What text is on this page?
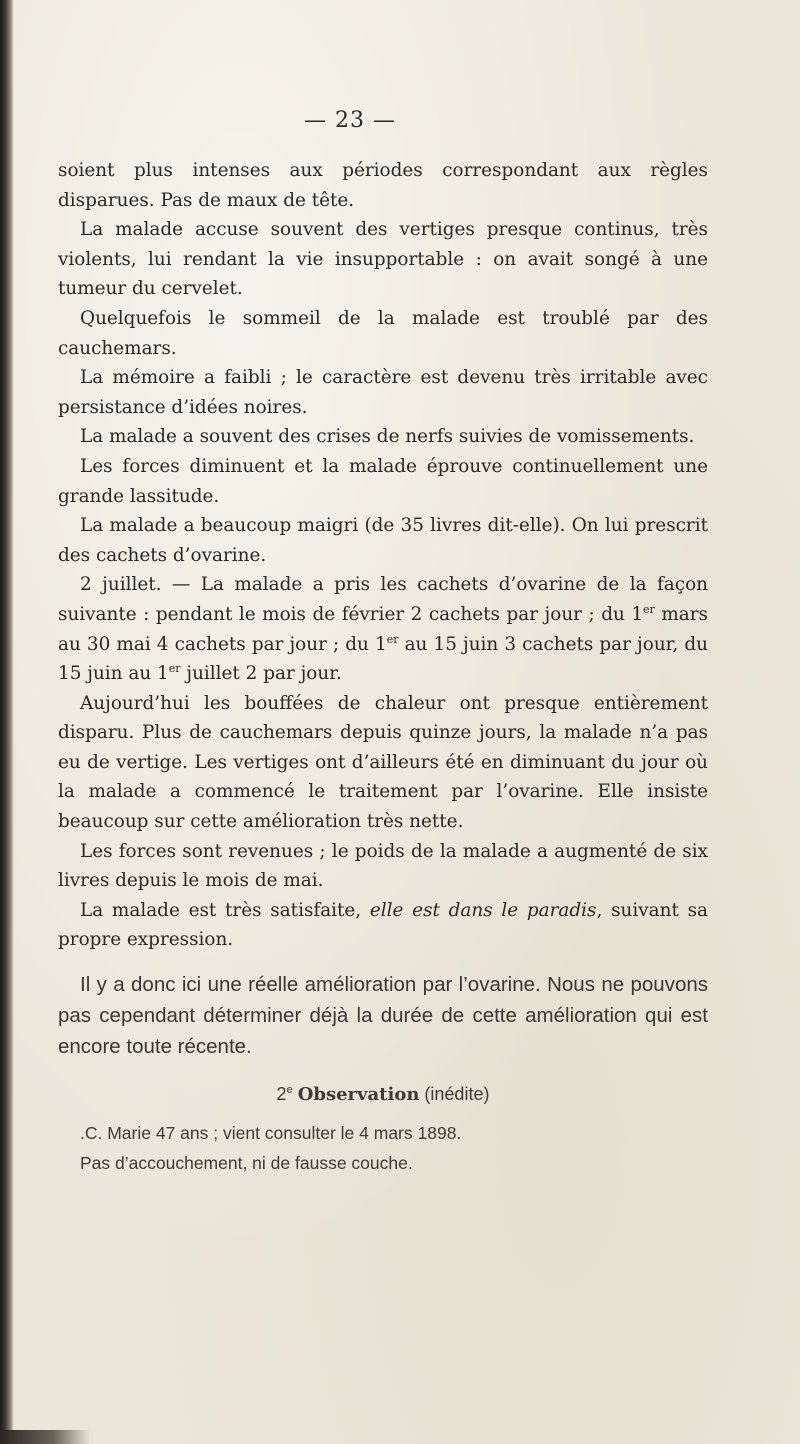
— 23 —

soient plus intenses aux périodes correspondant aux règles disparues. Pas de maux de tête.

La malade accuse souvent des vertiges presque continus, très violents, lui rendant la vie insupportable : on avait songé à une tumeur du cervelet.

Quelquefois le sommeil de la malade est troublé par des cauchemars.

La mémoire a faibli ; le caractère est devenu très irritable avec persistance d’idées noires.

La malade a souvent des crises de nerfs suivies de vomissements.

Les forces diminuent et la malade éprouve continuellement une grande lassitude.

La malade a beaucoup maigri (de 35 livres dit-elle). On lui prescrit des cachets d’ovarine.

2 juillet. — La malade a pris les cachets d’ovarine de la façon suivante : pendant le mois de février 2 cachets par jour ; du 1er mars au 30 mai 4 cachets par jour ; du 1er au 15 juin 3 cachets par jour, du 15 juin au 1er juillet 2 par jour.

Aujourd’hui les bouffées de chaleur ont presque entièrement disparu. Plus de cauchemars depuis quinze jours, la malade n’a pas eu de vertige. Les vertiges ont d’ailleurs été en diminuant du jour où la malade a commencé le traitement par l’ovarine. Elle insiste beaucoup sur cette amélioration très nette.

Les forces sont revenues ; le poids de la malade a augmenté de six livres depuis le mois de mai.

La malade est très satisfaite, elle est dans le paradis, suivant sa propre expression.

Il y a donc ici une réelle amélioration par l’ovarine. Nous ne pouvons pas cependant déterminer déjà la durée de cette amélioration qui est encore toute récente.

2e Observation (inédite)

.C. Marie 47 ans ; vient consulter le 4 mars 1898.

Pas d’accouchement, ni de fausse couche.
